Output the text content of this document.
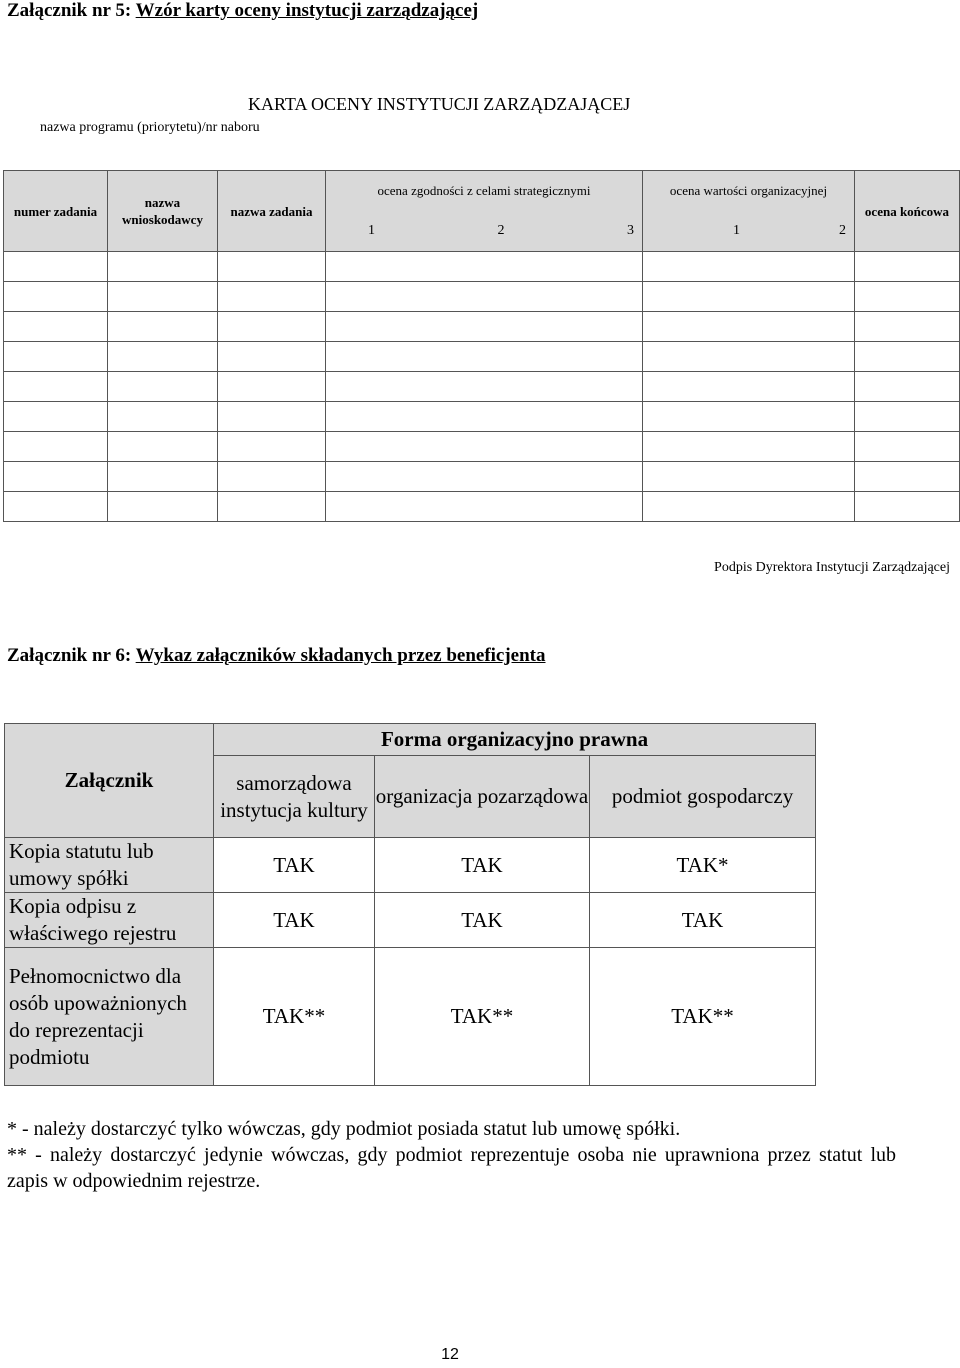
Załącznik nr 5: Wzór karty oceny instytucji zarządzającej
KARTA OCENY INSTYTUCJI ZARZĄDZAJĄCEJ
nazwa programu (priorytetu)/nr naboru
numer zadania	nazwa wnioskodawcy	nazwa zadania	ocena zgodności z celami strategicznymi	ocena wartości organizacyjnej	ocena końcowa

			1 2 3	1 2	

Podpis Dyrektora Instytucji Zarządzającej
Załącznik nr 6: Wykaz załączników składanych przez beneficjenta
Załącznik	Forma organizacyjno prawna		
	samorządowa instytucja kultury	organizacja pozarządowa	podmiot gospodarczy
Kopia statutu lub umowy spółki	TAK	TAK	TAK*
Kopia odpisu z właściwego rejestru	TAK	TAK	TAK
Pełnomocnictwo dla osób upoważnionych do reprezentacji podmiotu	TAK**	TAK**	TAK**
* - należy dostarczyć tylko wówczas, gdy podmiot posiada statut lub umowę spółki.
** - należy dostarczyć jedynie wówczas, gdy podmiot reprezentuje osoba nie uprawniona przez statut lub zapis w odpowiednim rejestrze.
12
